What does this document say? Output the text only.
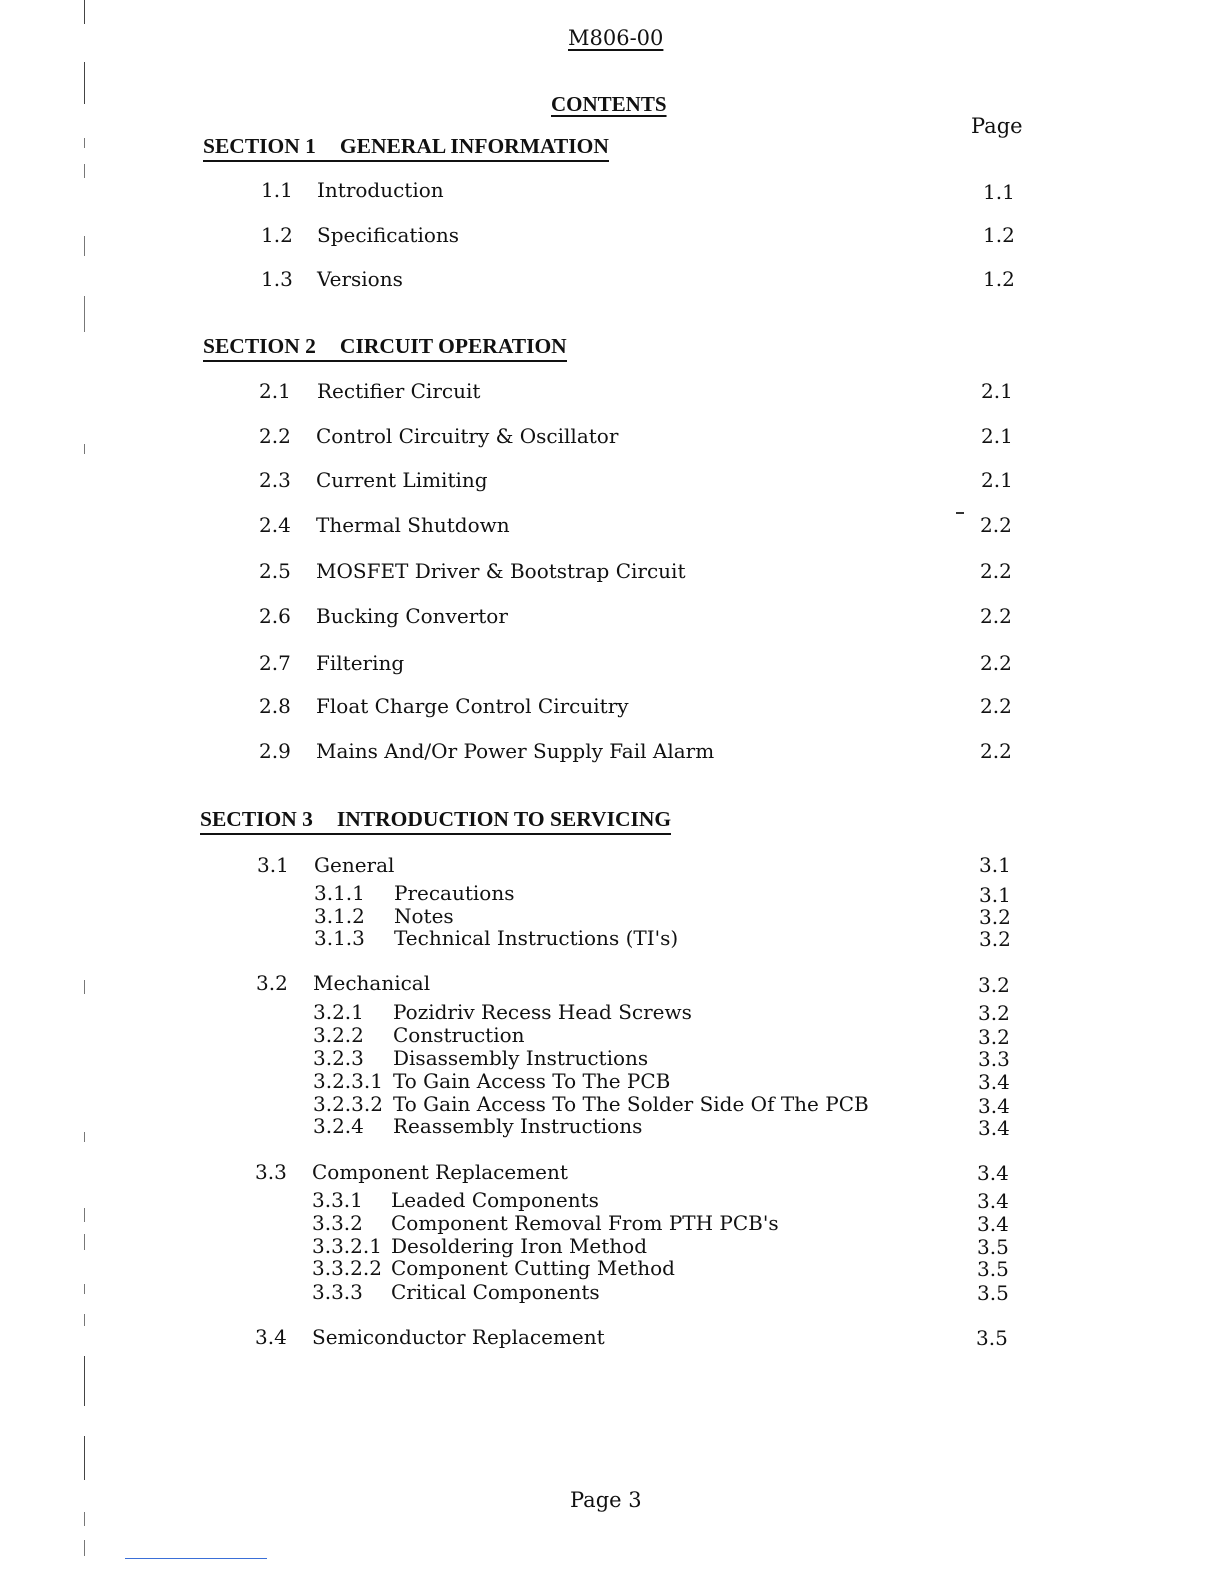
M806-00
CONTENTS
Page
SECTION 1 GENERAL INFORMATION
1.1 Introduction	1.1
1.2 Specifications	1.2
1.3 Versions	1.2
SECTION 2 CIRCUIT OPERATION
2.1 Rectifier Circuit	2.1
2.2 Control Circuitry & Oscillator	2.1
2.3 Current Limiting	2.1
2.4 Thermal Shutdown	2.2
2.5 MOSFET Driver & Bootstrap Circuit	2.2
2.6 Bucking Convertor	2.2
2.7 Filtering	2.2
2.8 Float Charge Control Circuitry	2.2
2.9 Mains And/Or Power Supply Fail Alarm	2.2
SECTION 3 INTRODUCTION TO SERVICING
3.1 General	3.1
3.1.1 Precautions	3.1
3.1.2 Notes	3.2
3.1.3 Technical Instructions (TI's)	3.2
3.2 Mechanical	3.2
3.2.1 Pozidriv Recess Head Screws	3.2
3.2.2 Construction	3.2
3.2.3 Disassembly Instructions	3.3
3.2.3.1 To Gain Access To The PCB	3.4
3.2.3.2 To Gain Access To The Solder Side Of The PCB	3.4
3.2.4 Reassembly Instructions	3.4
3.3 Component Replacement	3.4
3.3.1 Leaded Components	3.4
3.3.2 Component Removal From PTH PCB's	3.4
3.3.2.1 Desoldering Iron Method	3.5
3.3.2.2 Component Cutting Method	3.5
3.3.3 Critical Components	3.5
3.4 Semiconductor Replacement	3.5
Page 3
